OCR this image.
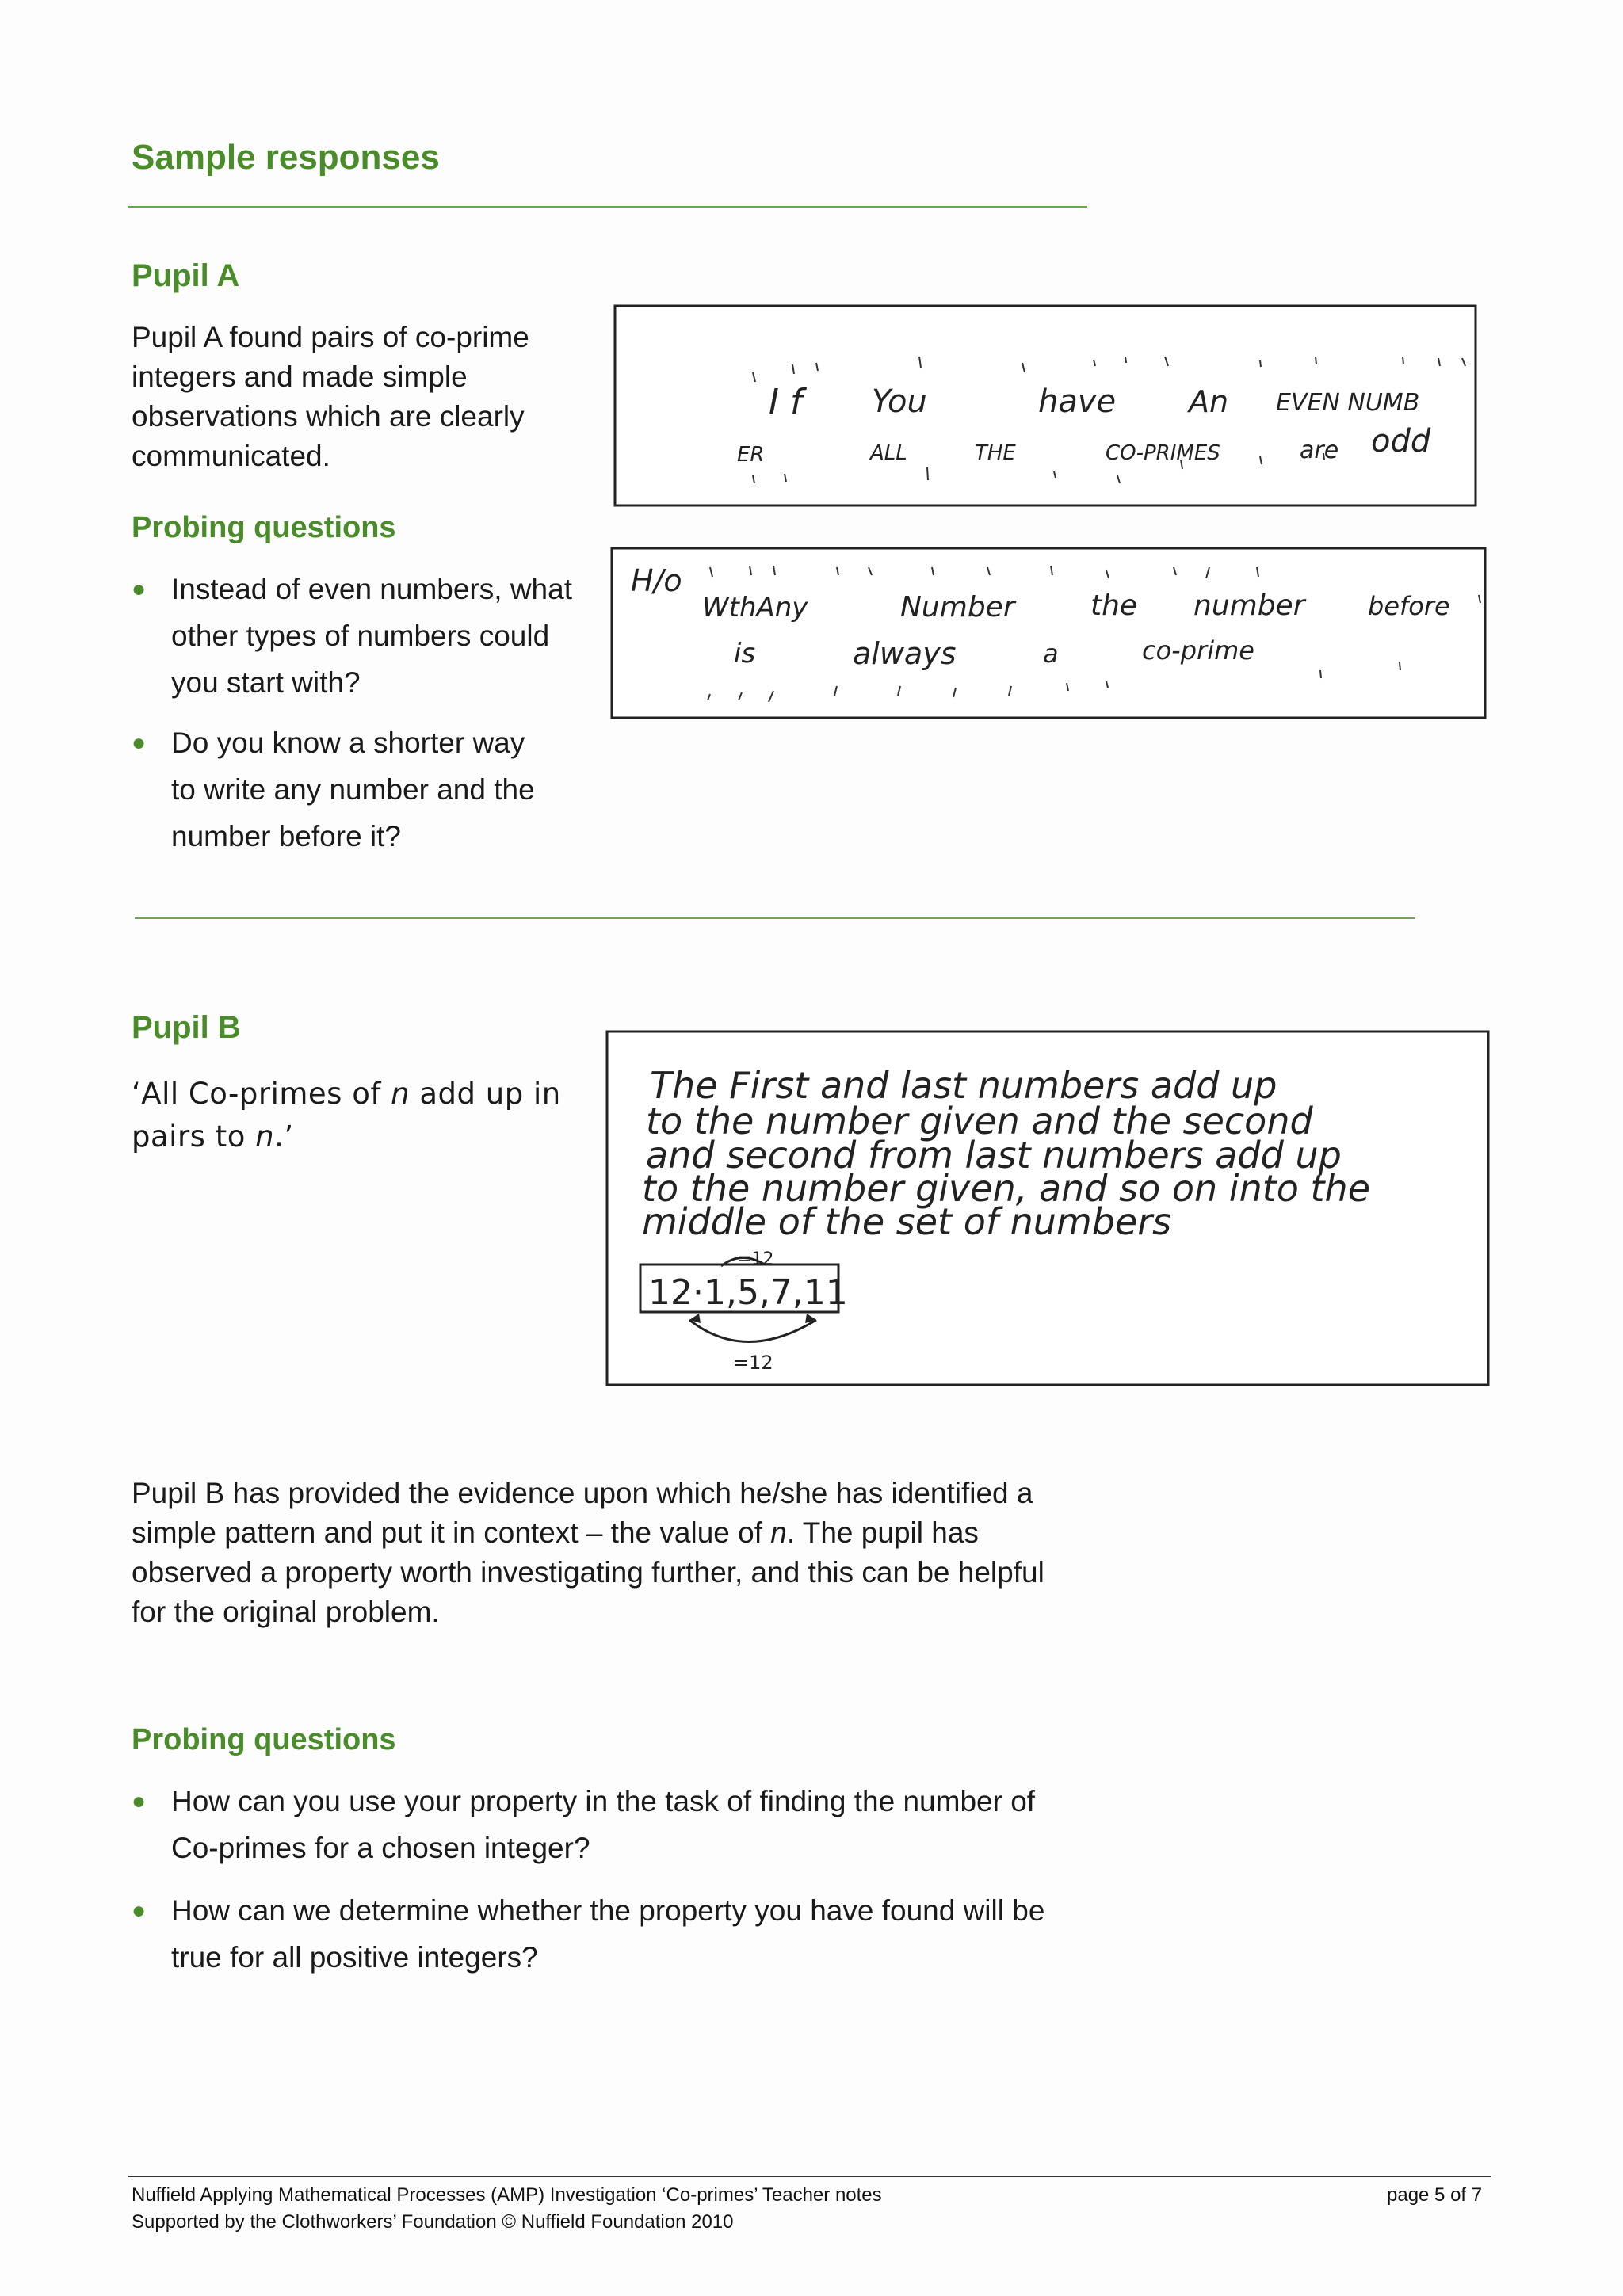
Sample responses
Pupil A
Pupil A found pairs of co-prime integers and made simple observations which are clearly communicated.
Probing questions
● Instead of even numbers, what other types of numbers could you start with?
● Do you know a shorter way to write any number and the number before it?
I f You	have An EVEN NUMB
ER	ALL	THE	CO-PRIMES	are odd
H/o
WthAny	Number	the number before
is	always	a	co-prime
Pupil B
‘All Co-primes of n add up in pairs to n.’
The First and last numbers add up
to the number given and the second
and second from last numbers add up
to the number given, and so on into the
middle of the set of numbers
12·1,5,7,11
=12
=12
Pupil B has provided the evidence upon which he/she has identified a simple pattern and put it in context – the value of n. The pupil has observed a property worth investigating further, and this can be helpful for the original problem.
Probing questions
● How can you use your property in the task of finding the number of Co-primes for a chosen integer?
● How can we determine whether the property you have found will be true for all positive integers?
Nuffield Applying Mathematical Processes (AMP) Investigation ‘Co-primes’ Teacher notes
Supported by the Clothworkers’ Foundation © Nuffield Foundation 2010
page 5 of 7
